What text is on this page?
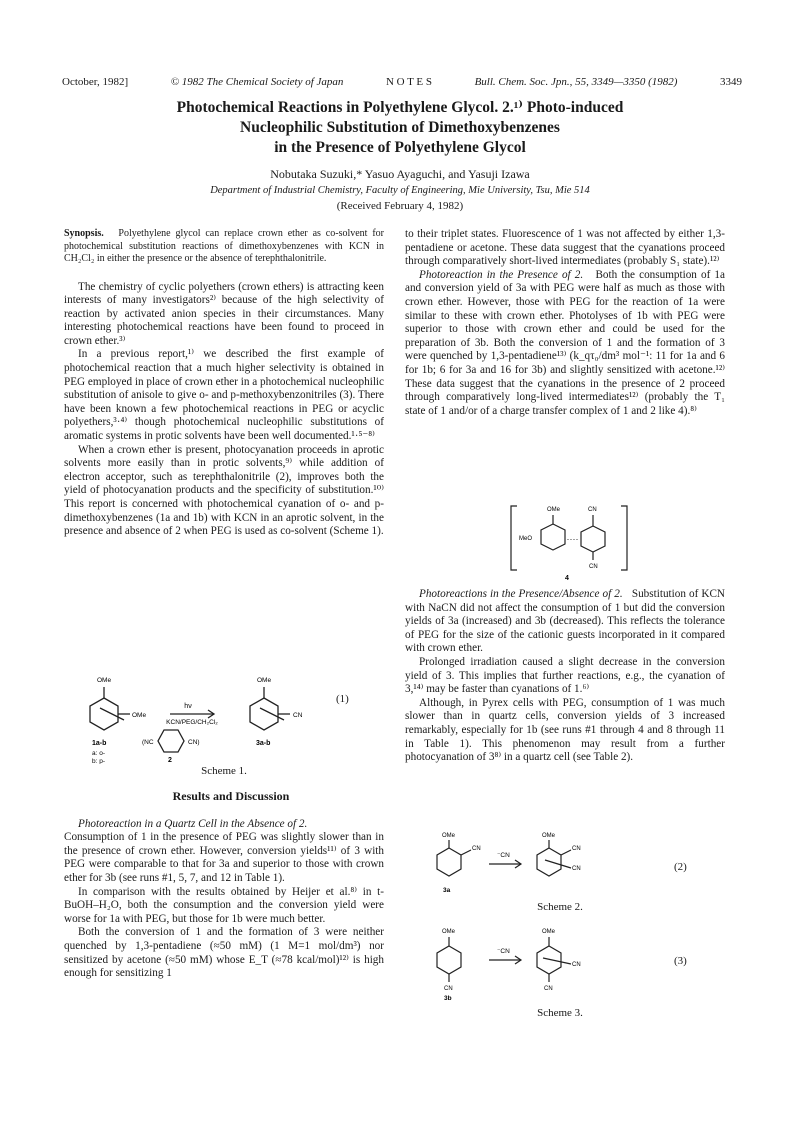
October, 1982]	© 1982 The Chemical Society of Japan	N O T E S	Bull. Chem. Soc. Jpn., 55, 3349—3350 (1982)	3349
Photochemical Reactions in Polyethylene Glycol. 2.¹⁾ Photo-induced
Nucleophilic Substitution of Dimethoxybenzenes
in the Presence of Polyethylene Glycol
Nobutaka Suzuki,* Yasuo Ayaguchi, and Yasuji Izawa
Department of Industrial Chemistry, Faculty of Engineering, Mie University, Tsu, Mie 514
(Received February 4, 1982)

Synopsis. Polyethylene glycol can replace crown ether as co-solvent for photochemical substitution reactions of dimethoxybenzenes with KCN in CH₂Cl₂ in either the presence or the absence of terephthalonitrile.

The chemistry of cyclic polyethers (crown ethers) is attracting keen interests of many investigators²⁾ because of the high selectivity of reaction by activated anion species in their circumstances. Many interesting photochemical reactions have been found to proceed in crown ether.³⁾

In a previous report,¹⁾ we described the first example of photochemical reaction that a much higher selectivity is obtained in PEG employed in place of crown ether in a photochemical nucleophilic substitution of anisole to give o- and p-methoxybenzonitriles (3). There have been known a few photochemical reactions in PEG or acyclic polyethers,³·⁴⁾ though photochemical nucleophilic substitutions of aromatic systems in protic solvents have been well documented.¹·⁵⁻⁸⁾

When a crown ether is present, photocyanation proceeds in aprotic solvents more easily than in protic solvents,⁹⁾ while addition of electron acceptor, such as terephthalonitrile (2), improves both the yield of photocyanation products and the specificity of substitution.¹⁰⁾ This report is concerned with photochemical cyanation of o- and p-dimethoxybenzenes (1a and 1b) with KCN in an aprotic solvent, in the presence and absence of 2 when PEG is used as co-solvent (Scheme 1).

OMe
OMe
OMe
CN
hν
KCN/PEG/CH₂Cl₂
(NC	CN)
1a-b	3a-b
2
a: o-
b: p-
(1)
Scheme 1.

Results and Discussion

Photoreaction in a Quartz Cell in the Absence of 2.

Consumption of 1 in the presence of PEG was slightly slower than in the presence of crown ether. However, conversion yields¹¹⁾ of 3 with PEG were comparable to that for 3a and superior to those with crown ether for 3b (see runs #1, 5, 7, and 12 in Table 1).

In comparison with the results obtained by Heijer et al.⁸⁾ in t-BuOH–H₂O, both the consumption and the conversion yield were worse for 1a with PEG, but those for 1b were much better.

Both the conversion of 1 and the formation of 3 were neither quenched by 1,3-pentadiene (≈50 mM) (1 M=1 mol/dm³) nor sensitized by acetone (≈50 mM) whose E_T (≈78 kcal/mol)¹²⁾ is high enough for sensitizing 1

to their triplet states. Fluorescence of 1 was not affected by either 1,3-pentadiene or acetone. These data suggest that the cyanations proceed through comparatively short-lived intermediates (probably S₁ state).¹²⁾

Photoreaction in the Presence of 2. Both the consumption of 1a and conversion yield of 3a with PEG were half as much as those with crown ether. However, those with PEG for the reaction of 1a were similar to these with crown ether. Photolyses of 1b with PEG were superior to those with crown ether and could be used for the preparation of 3b. Both the conversion of 1 and the formation of 3 were quenched by 1,3-pentadiene¹³⁾ (k_qτ₀/dm³ mol⁻¹: 11 for 1a and 6 for 1b; 6 for 3a and 16 for 3b) and slightly sensitized with acetone.¹²⁾ These data suggest that the cyanations in the presence of 2 proceed through comparatively long-lived intermediates¹²⁾ (probably the T₁ state of 1 and/or of a charge transfer complex of 1 and 2 like 4).⁸⁾

·····
OMe	CN
MeO
CN
4

Photoreactions in the Presence/Absence of 2. Substitution of KCN with NaCN did not affect the consumption of 1 but did the conversion yields of 3a (increased) and 3b (decreased). This reflects the tolerance of PEG for the size of the cationic guests incorporated in it compared with crown ether.

Prolonged irradiation caused a slight decrease in the conversion yield of 3. This implies that further reactions, e.g., the cyanation of 3,¹⁴⁾ may be faster than cyanations of 1.⁶⁾

Although, in Pyrex cells with PEG, consumption of 1 was much slower than in quartz cells, conversion yields of 3 increased remarkably, especially for 1b (see runs #1 through 4 and 8 through 11 in Table 1). This phenomenon may result from a further photocyanation of 3⁸⁾ in a quartz cell (see Table 2).

OMe
CN
⁻CN
OMe
CN
CN
3a
(2)
Scheme 2.
OMe
CN
⁻CN
OMe
CN
CN
3b
(3)
Scheme 3.
